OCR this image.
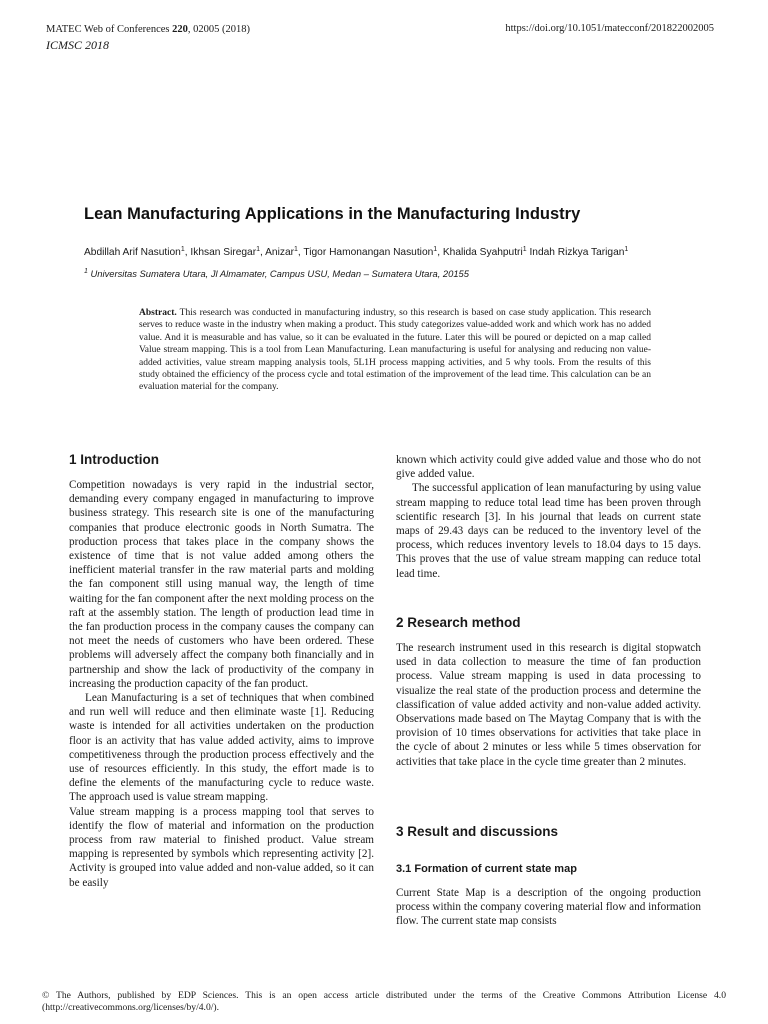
MATEC Web of Conferences 220, 02005 (2018)
ICMSC 2018
https://doi.org/10.1051/matecconf/201822002005
Lean Manufacturing Applications in the Manufacturing Industry
Abdillah Arif Nasution$^1$, Ikhsan Siregar$^1$, Anizar$^1$, Tigor Hamonangan Nasution$^1$, Khalida Syahputri$^1$ Indah Rizkya Tarigan$^1$
$^1$ Universitas Sumatera Utara, Jl Almamater, Campus USU, Medan – Sumatera Utara, 20155
Abstract. This research was conducted in manufacturing industry, so this research is based on case study application. This research serves to reduce waste in the industry when making a product. This study categorizes value-added work and which work has no added value. And it is measurable and has value, so it can be evaluated in the future. Later this will be poured or depicted on a map called Value stream mapping. This is a tool from Lean Manufacturing. Lean manufacturing is useful for analysing and reducing non value-added activities, value stream mapping analysis tools, 5L1H process mapping activities, and 5 why tools. From the results of this study obtained the efficiency of the process cycle and total estimation of the improvement of the lead time. This calculation can be an evaluation material for the company.
1 Introduction

Competition nowadays is very rapid in the industrial sector, demanding every company engaged in manufacturing to improve business strategy. This research site is one of the manufacturing companies that produce electronic goods in North Sumatra. The production process that takes place in the company shows the existence of time that is not value added among others the inefficient material transfer in the raw material parts and molding the fan component still using manual way, the length of time waiting for the fan component after the next molding process on the raft at the assembly station. The length of production lead time in the fan production process in the company causes the company can not meet the needs of customers who have been ordered. These problems will adversely affect the company both financially and in partnership and show the lack of productivity of the company in increasing the production capacity of the fan product.

Lean Manufacturing is a set of techniques that when combined and run well will reduce and then eliminate waste [1]. Reducing waste is intended for all activities undertaken on the production floor is an activity that has value added activity, aims to improve competitiveness through the production process effectively and the use of resources efficiently. In this study, the effort made is to define the elements of the manufacturing cycle to reduce waste. The approach used is value stream mapping.

Value stream mapping is a process mapping tool that serves to identify the flow of material and information on the production process from raw material to finished product. Value stream mapping is represented by symbols which representing activity [2]. Activity is grouped into value added and non-value added, so it can be easily

known which activity could give added value and those who do not give added value.

The successful application of lean manufacturing by using value stream mapping to reduce total lead time has been proven through scientific research [3]. In his journal that leads on current state maps of 29.43 days can be reduced to the inventory level of the process, which reduces inventory levels to 18.04 days to 15 days. This proves that the use of value stream mapping can reduce total lead time.

2 Research method

The research instrument used in this research is digital stopwatch used in data collection to measure the time of fan production process. Value stream mapping is used in data processing to visualize the real state of the production process and determine the classification of value added activity and non-value added activity. Observations made based on The Maytag Company that is with the provision of 10 times observations for activities that take place in the cycle of about 2 minutes or less while 5 times observation for activities that take place in the cycle time greater than 2 minutes.

3 Result and discussions
3.1 Formation of current state map

Current State Map is a description of the ongoing production process within the company covering material flow and information flow. The current state map consists

© The Authors, published by EDP Sciences. This is an open access article distributed under the terms of the Creative Commons Attribution License 4.0 (http://creativecommons.org/licenses/by/4.0/).
